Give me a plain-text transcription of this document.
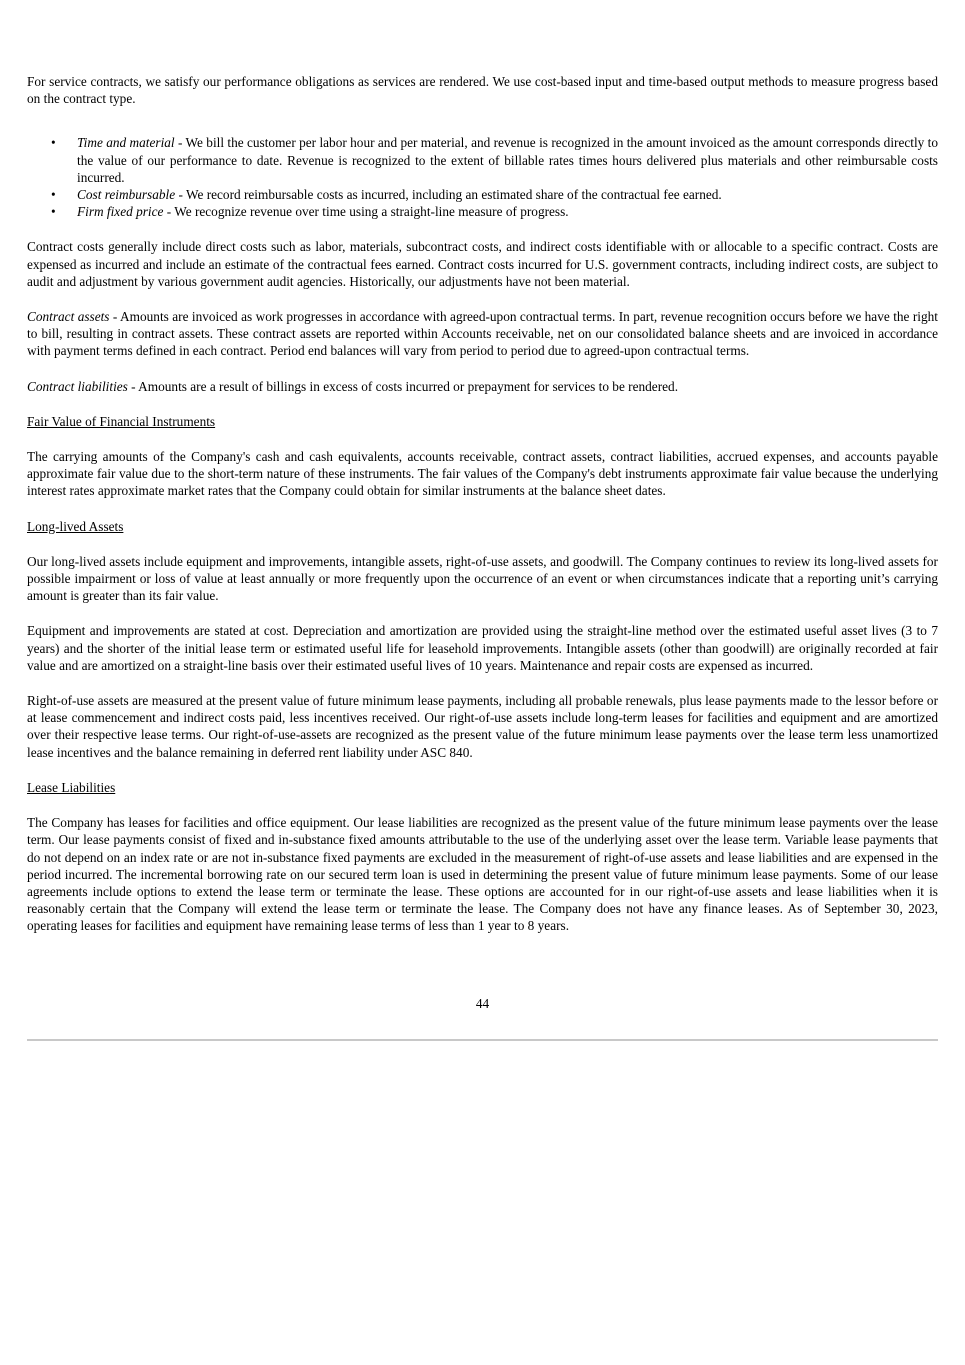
For service contracts, we satisfy our performance obligations as services are rendered. We use cost-based input and time-based output methods to measure progress based on the contract type.

• Time and material - We bill the customer per labor hour and per material, and revenue is recognized in the amount invoiced as the amount corresponds directly to the value of our performance to date. Revenue is recognized to the extent of billable rates times hours delivered plus materials and other reimbursable costs incurred.
• Cost reimbursable - We record reimbursable costs as incurred, including an estimated share of the contractual fee earned.
• Firm fixed price - We recognize revenue over time using a straight-line measure of progress.

Contract costs generally include direct costs such as labor, materials, subcontract costs, and indirect costs identifiable with or allocable to a specific contract. Costs are expensed as incurred and include an estimate of the contractual fees earned. Contract costs incurred for U.S. government contracts, including indirect costs, are subject to audit and adjustment by various government audit agencies. Historically, our adjustments have not been material.

Contract assets - Amounts are invoiced as work progresses in accordance with agreed-upon contractual terms. In part, revenue recognition occurs before we have the right to bill, resulting in contract assets. These contract assets are reported within Accounts receivable, net on our consolidated balance sheets and are invoiced in accordance with payment terms defined in each contract. Period end balances will vary from period to period due to agreed-upon contractual terms.

Contract liabilities - Amounts are a result of billings in excess of costs incurred or prepayment for services to be rendered.

Fair Value of Financial Instruments

The carrying amounts of the Company's cash and cash equivalents, accounts receivable, contract assets, contract liabilities, accrued expenses, and accounts payable approximate fair value due to the short-term nature of these instruments. The fair values of the Company's debt instruments approximate fair value because the underlying interest rates approximate market rates that the Company could obtain for similar instruments at the balance sheet dates.

Long-lived Assets

Our long-lived assets include equipment and improvements, intangible assets, right-of-use assets, and goodwill. The Company continues to review its long-lived assets for possible impairment or loss of value at least annually or more frequently upon the occurrence of an event or when circumstances indicate that a reporting unit’s carrying amount is greater than its fair value.

Equipment and improvements are stated at cost. Depreciation and amortization are provided using the straight-line method over the estimated useful asset lives (3 to 7 years) and the shorter of the initial lease term or estimated useful life for leasehold improvements. Intangible assets (other than goodwill) are originally recorded at fair value and are amortized on a straight-line basis over their estimated useful lives of 10 years. Maintenance and repair costs are expensed as incurred.

Right-of-use assets are measured at the present value of future minimum lease payments, including all probable renewals, plus lease payments made to the lessor before or at lease commencement and indirect costs paid, less incentives received. Our right-of-use assets include long-term leases for facilities and equipment and are amortized over their respective lease terms. Our right-of-use-assets are recognized as the present value of the future minimum lease payments over the lease term less unamortized lease incentives and the balance remaining in deferred rent liability under ASC 840.

Lease Liabilities

The Company has leases for facilities and office equipment. Our lease liabilities are recognized as the present value of the future minimum lease payments over the lease term. Our lease payments consist of fixed and in-substance fixed amounts attributable to the use of the underlying asset over the lease term. Variable lease payments that do not depend on an index rate or are not in-substance fixed payments are excluded in the measurement of right-of-use assets and lease liabilities and are expensed in the period incurred. The incremental borrowing rate on our secured term loan is used in determining the present value of future minimum lease payments. Some of our lease agreements include options to extend the lease term or terminate the lease. These options are accounted for in our right-of-use assets and lease liabilities when it is reasonably certain that the Company will extend the lease term or terminate the lease. The Company does not have any finance leases. As of September 30, 2023, operating leases for facilities and equipment have remaining lease terms of less than 1 year to 8 years.

44
